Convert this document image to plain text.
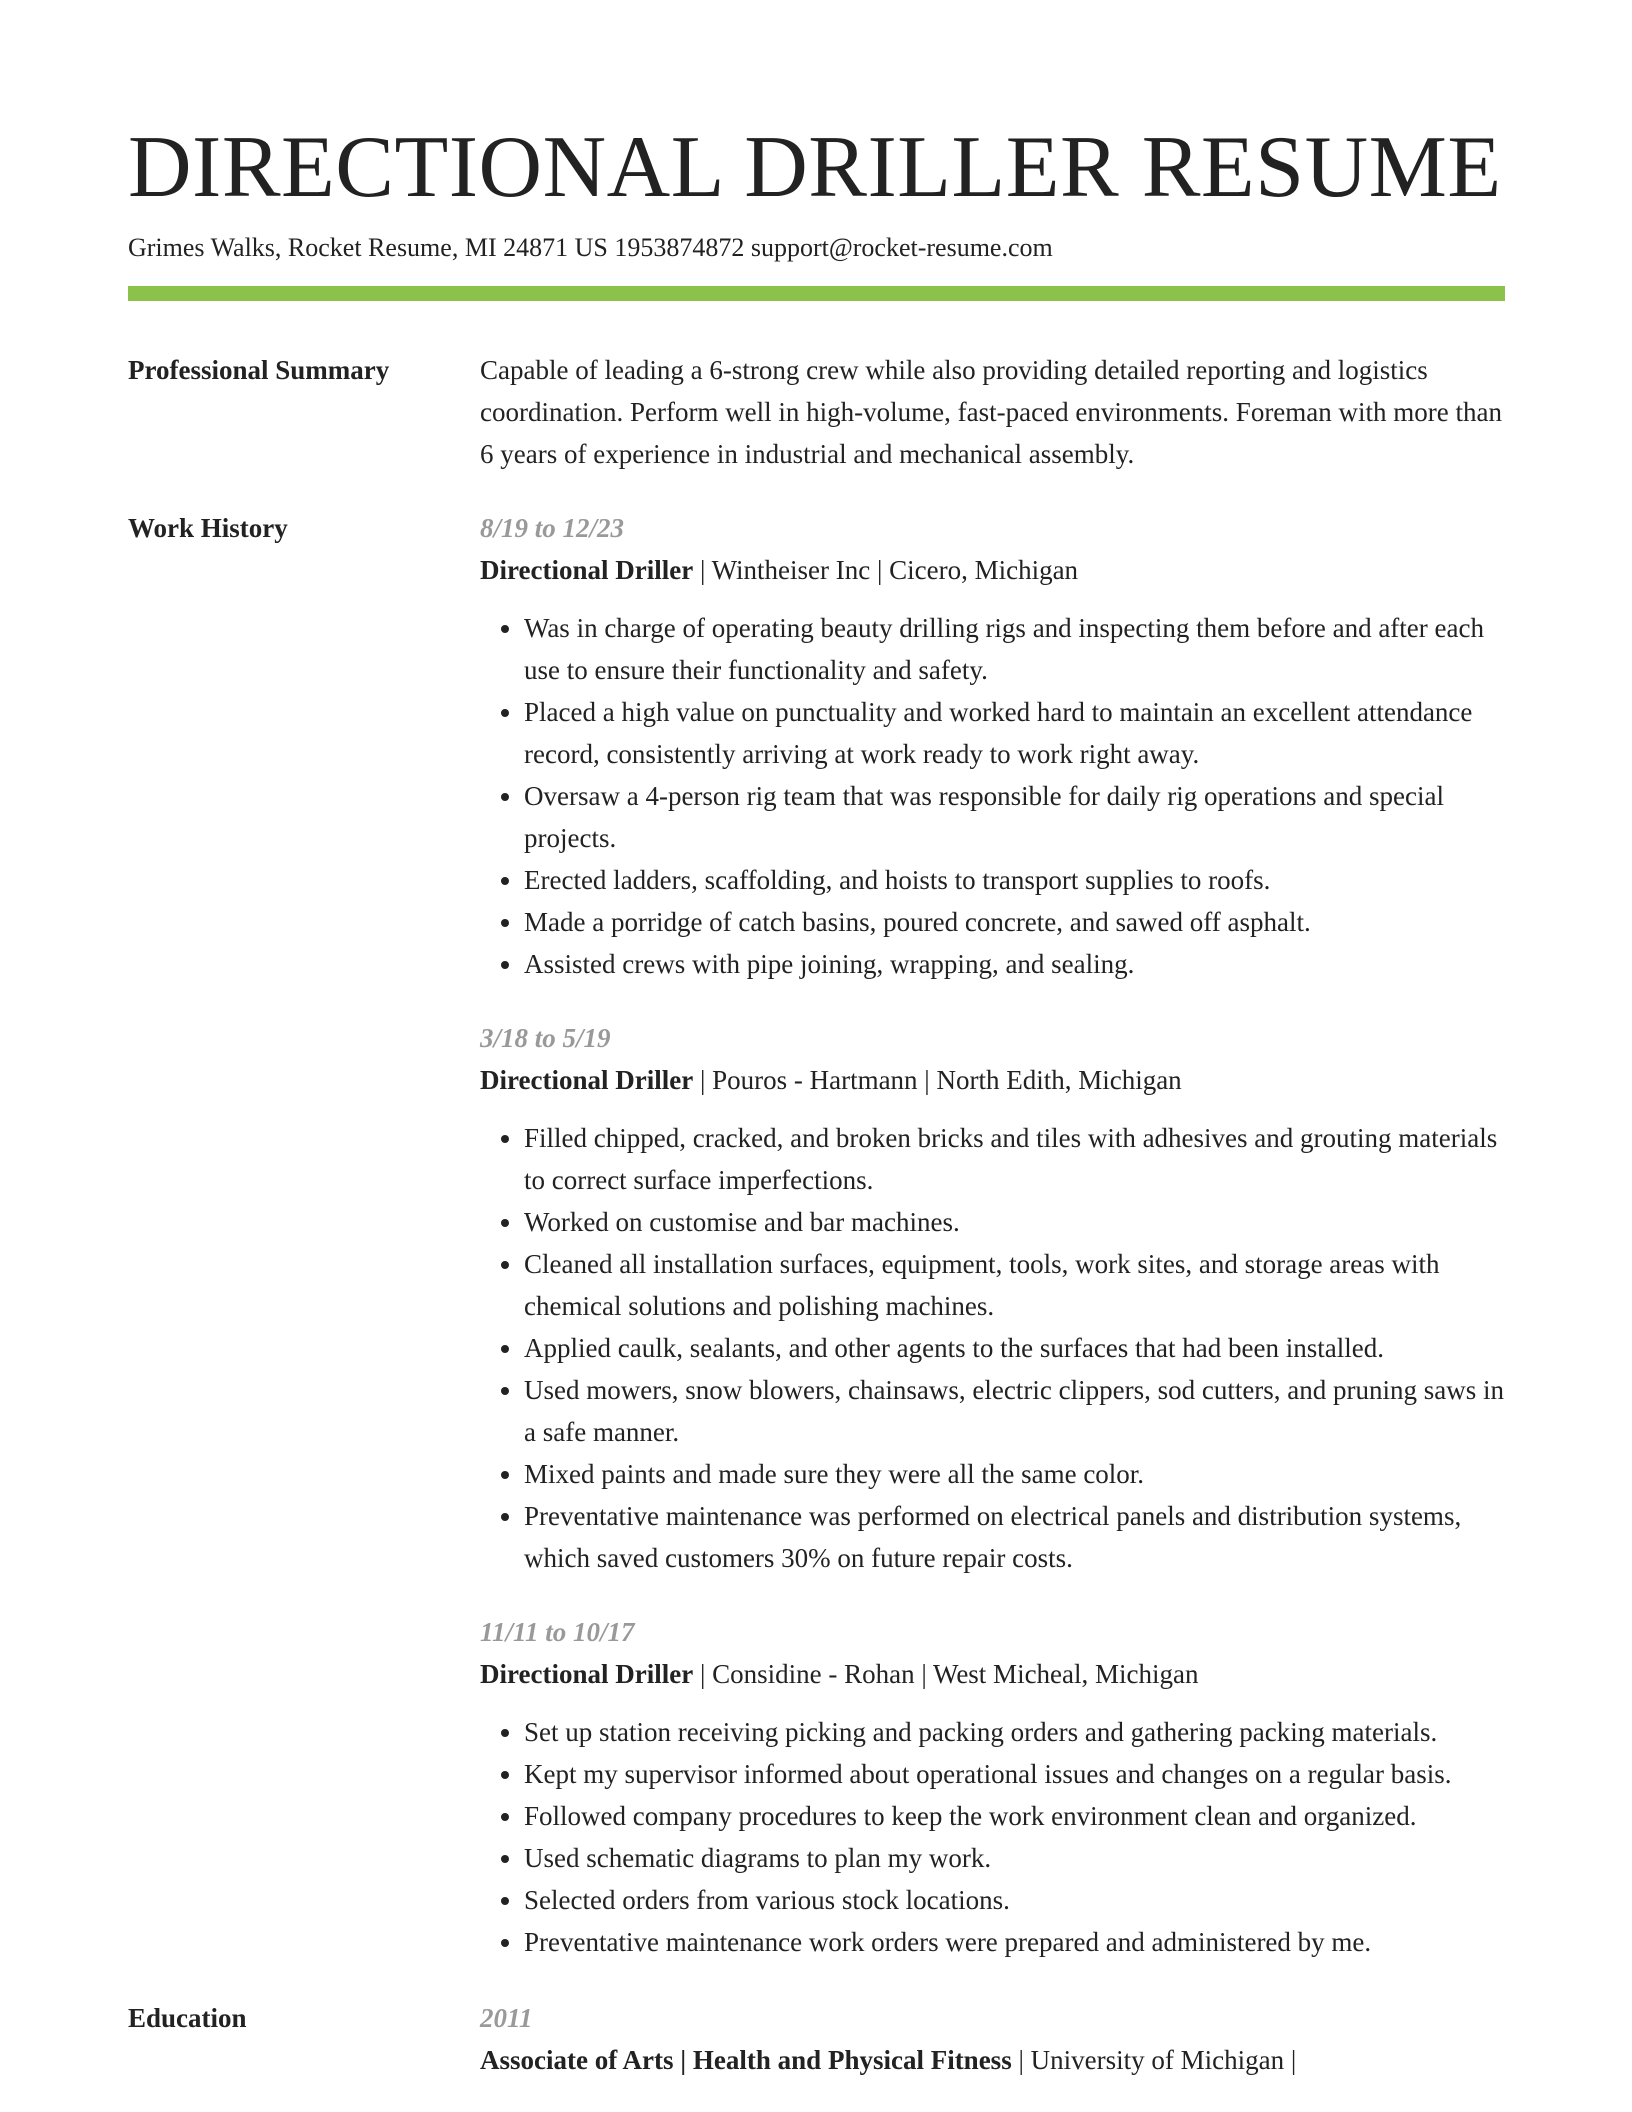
DIRECTIONAL DRILLER RESUME
Grimes Walks, Rocket Resume, MI 24871 US 1953874872 support@rocket-resume.com
Professional Summary	Capable of leading a 6-strong crew while also providing detailed reporting and logistics coordination. Perform well in high-volume, fast-paced environments. Foreman with more than 6 years of experience in industrial and mechanical assembly.

Work History	8/19 to 12/23
Directional Driller | Wintheiser Inc | Cicero, Michigan
• Was in charge of operating beauty drilling rigs and inspecting them before and after each use to ensure their functionality and safety.
• Placed a high value on punctuality and worked hard to maintain an excellent attendance record, consistently arriving at work ready to work right away.
• Oversaw a 4-person rig team that was responsible for daily rig operations and special projects.
• Erected ladders, scaffolding, and hoists to transport supplies to roofs.
• Made a porridge of catch basins, poured concrete, and sawed off asphalt.
• Assisted crews with pipe joining, wrapping, and sealing.
3/18 to 5/19
Directional Driller | Pouros - Hartmann | North Edith, Michigan
• Filled chipped, cracked, and broken bricks and tiles with adhesives and grouting materials to correct surface imperfections.
• Worked on customise and bar machines.
• Cleaned all installation surfaces, equipment, tools, work sites, and storage areas with chemical solutions and polishing machines.
• Applied caulk, sealants, and other agents to the surfaces that had been installed.
• Used mowers, snow blowers, chainsaws, electric clippers, sod cutters, and pruning saws in a safe manner.
• Mixed paints and made sure they were all the same color.
• Preventative maintenance was performed on electrical panels and distribution systems, which saved customers 30% on future repair costs.
11/11 to 10/17
Directional Driller | Considine - Rohan | West Micheal, Michigan
• Set up station receiving picking and packing orders and gathering packing materials.
• Kept my supervisor informed about operational issues and changes on a regular basis.
• Followed company procedures to keep the work environment clean and organized.
• Used schematic diagrams to plan my work.
• Selected orders from various stock locations.
• Preventative maintenance work orders were prepared and administered by me.
Education	2011
Associate of Arts | Health and Physical Fitness | University of Michigan |
